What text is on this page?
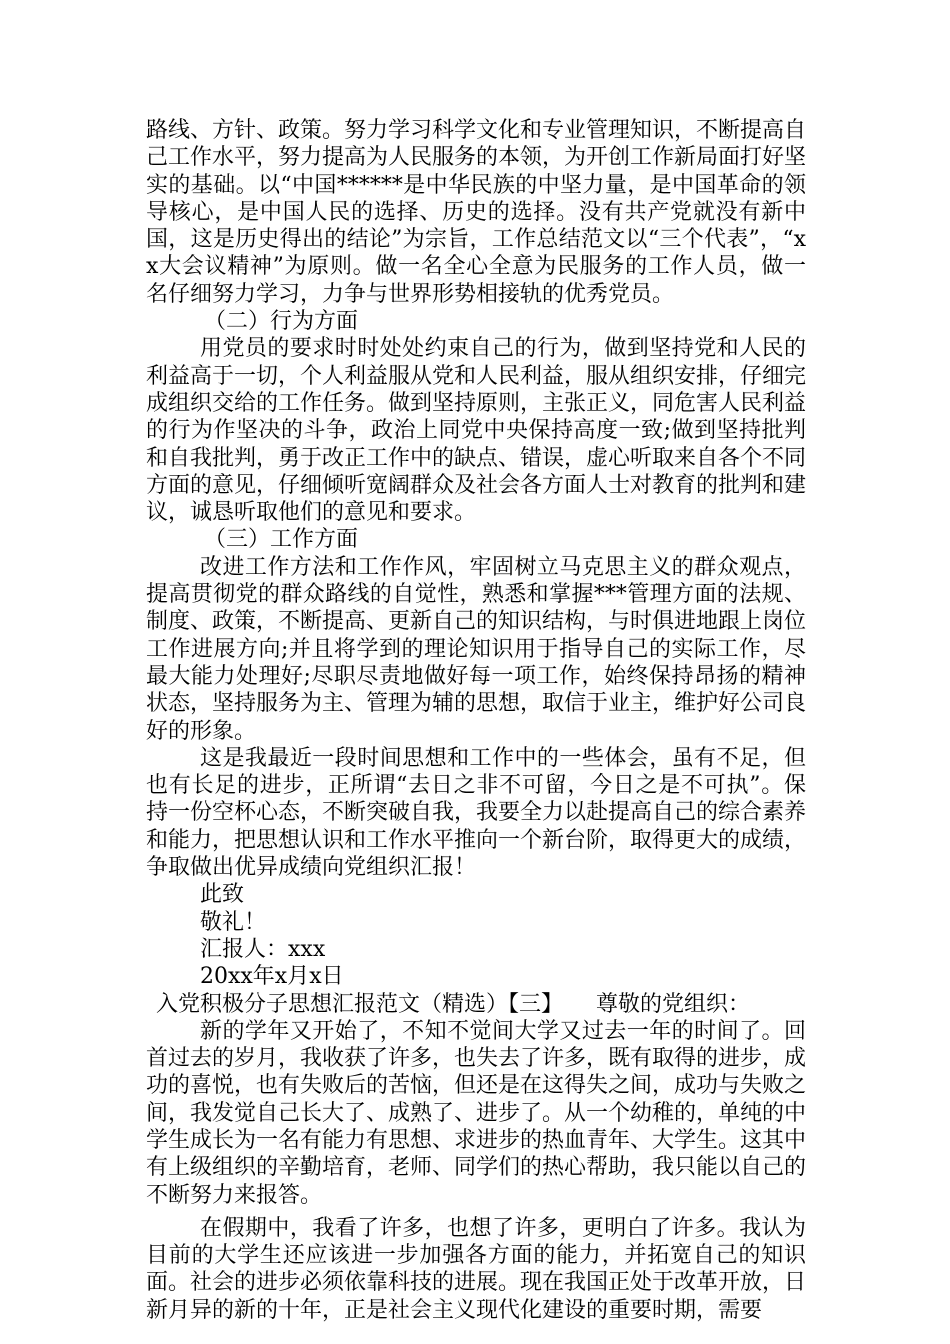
路线、方针、政策。努力学习科学文化和专业管理知识，不断提高自己工作水平，努力提高为人民服务的本领，为开创工作新局面打好坚实的基础。以“中国******是中华民族的中坚力量，是中国革命的领导核心，是中国人民的选择、历史的选择。没有共产党就没有新中国，这是历史得出的结论”为宗旨，工作总结范文以“三个代表”，“xx大会议精神”为原则。做一名全心全意为民服务的工作人员，做一名仔细努力学习，力争与世界形势相接轨的优秀党员。

（二）行为方面

用党员的要求时时处处约束自己的行为，做到坚持党和人民的利益高于一切，个人利益服从党和人民利益，服从组织安排，仔细完成组织交给的工作任务。做到坚持原则，主张正义，同危害人民利益的行为作坚决的斗争，政治上同党中央保持高度一致;做到坚持批判和自我批判，勇于改正工作中的缺点、错误，虚心听取来自各个不同方面的意见，仔细倾听宽阔群众及社会各方面人士对教育的批判和建议，诚恳听取他们的意见和要求。

（三）工作方面

改进工作方法和工作作风，牢固树立马克思主义的群众观点，提高贯彻党的群众路线的自觉性，熟悉和掌握***管理方面的法规、制度、政策，不断提高、更新自己的知识结构，与时俱进地跟上岗位工作进展方向;并且将学到的理论知识用于指导自己的实际工作，尽最大能力处理好;尽职尽责地做好每一项工作，始终保持昂扬的精神状态，坚持服务为主、管理为辅的思想，取信于业主，维护好公司良好的形象。

这是我最近一段时间思想和工作中的一些体会，虽有不足，但也有长足的进步，正所谓“去日之非不可留，今日之是不可执”。保持一份空杯心态，不断突破自我，我要全力以赴提高自己的综合素养和能力，把思想认识和工作水平推向一个新台阶，取得更大的成绩，争取做出优异成绩向党组织汇报！

此致

敬礼！

汇报人：xxx

20xx年x月x日

入党积极分子思想汇报范文（精选）【三】　　尊敬的党组织：

新的学年又开始了，不知不觉间大学又过去一年的时间了。回首过去的岁月，我收获了许多，也失去了许多，既有取得的进步，成功的喜悦，也有失败后的苦恼，但还是在这得失之间，成功与失败之间，我发觉自己长大了、成熟了、进步了。从一个幼稚的，单纯的中学生成长为一名有能力有思想、求进步的热血青年、大学生。这其中有上级组织的辛勤培育，老师、同学们的热心帮助，我只能以自己的不断努力来报答。

在假期中，我看了许多，也想了许多，更明白了许多。我认为目前的大学生还应该进一步加强各方面的能力，并拓宽自己的知识面。社会的进步必须依靠科技的进展。现在我国正处于改革开放，日新月异的新的十年，正是社会主义现代化建设的重要时期，需要
